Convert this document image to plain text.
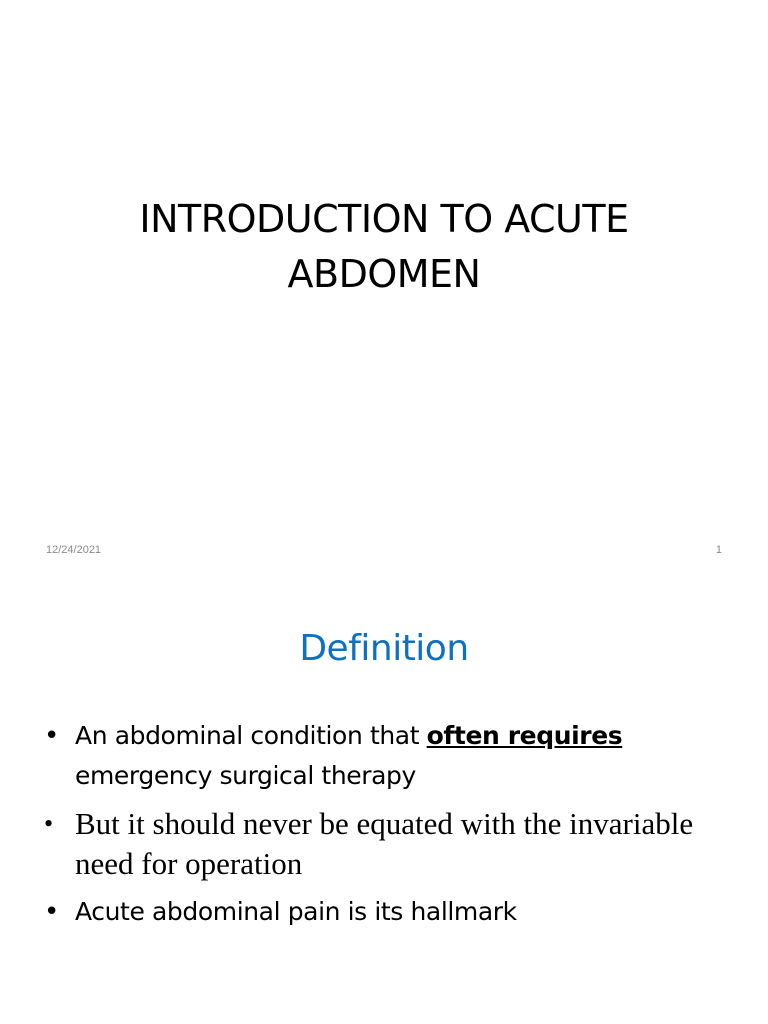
INTRODUCTION TO ACUTE
ABDOMEN
12/24/2021	1
Definition
• An abdominal condition that often requires
emergency surgical therapy
• But it should never be equated with the invariable need for operation
• Acute abdominal pain is its hallmark
